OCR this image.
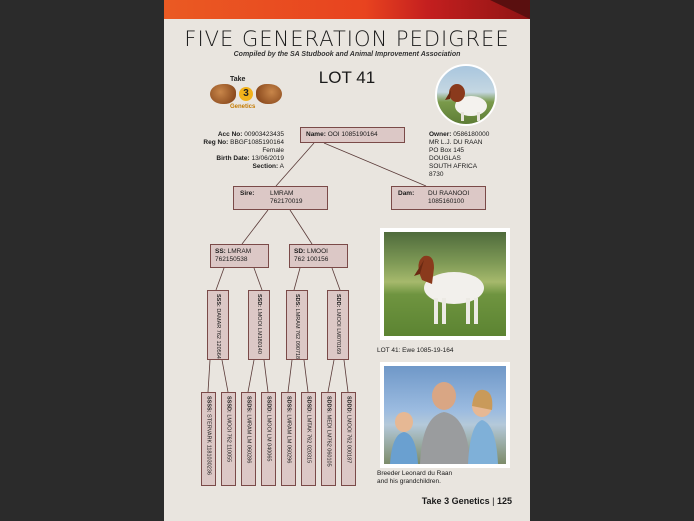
FIVE GENERATION PEDIGREE
Compiled by the SA Studbook and Animal Improvement Association
LOT 41
Take
3
Genetics
Acc No: 00903423435
Reg No: BBGF1085190164
Female
Birth Date: 13/06/2019
Section: A
Owner: 0586180000
MR L.J. DU RAAN
PO Box 145
DOUGLAS
SOUTH AFRICA
8730
Name: OOI 1085190164
Sire: LMRAM
762170019
Dam: DU RAANOOI
1085160100
SS: LMRAM
762150538
SD: LMOOI
762 100156
SSS: DAMAR 762 120564
SSD: LMOOI LM180140
SDS: LMRAM 762 090718
SDD: LMOOI LM070169
SSSS: STERVARK 1181030236
SSSD: LMOOI 762 110055
SSDS: LMRAM LM 060286
SSDD: LMOOI LM 040065
SDSS: LMRAM LM 060296
SDSD: LMTAK 762 020315
SDDS: MEDI LM762 060105
SDDD: LMOOI 762 000187
LOT 41: Ewe 1085-19-164
Breeder Leonard du Raan
and his grandchildren.
Take 3 Genetics | 125
